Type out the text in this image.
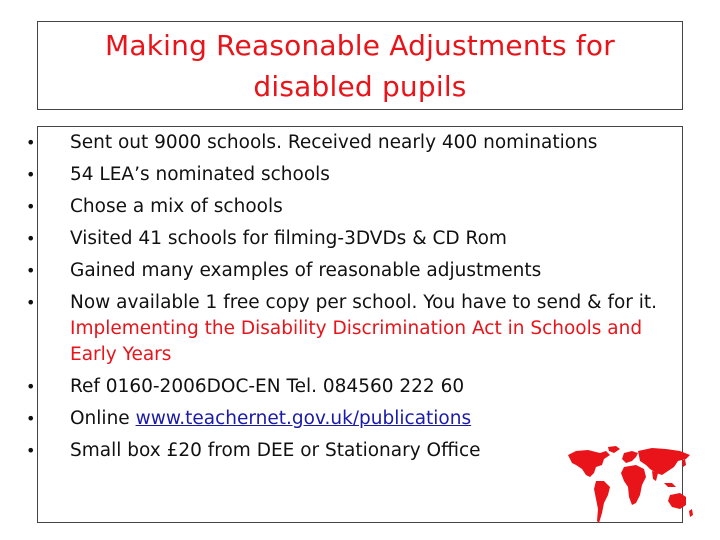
Making Reasonable Adjustments for
disabled pupils
• Sent out 9000 schools. Received nearly 400 nominations
• 54 LEA’s nominated schools
• Chose a mix of schools
• Visited 41 schools for filming-3DVDs & CD Rom
• Gained many examples of reasonable adjustments
• Now available 1 free copy per school. You have to send & for it. Implementing the Disability Discrimination Act in Schools and Early Years
• Ref 0160-2006DOC-EN Tel. 084560 222 60
• Online www.teachernet.gov.uk/publications
• Small box £20 from DEE or Stationary Office
